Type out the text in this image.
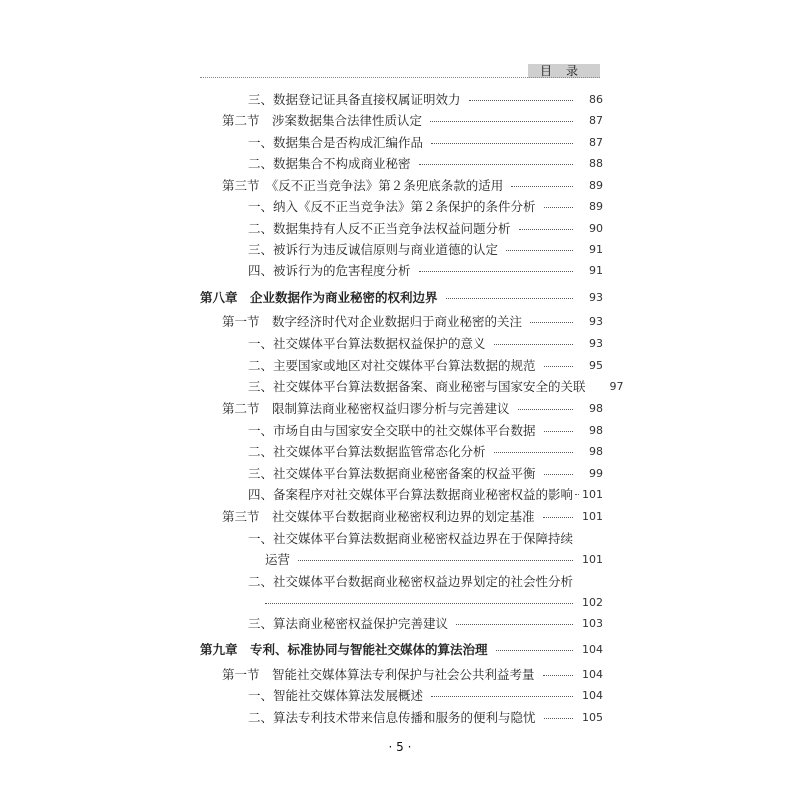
目录
三、数据登记证具备直接权属证明效力	86
第二节　涉案数据集合法律性质认定	87
一、数据集合是否构成汇编作品	87
二、数据集合不构成商业秘密	88
第三节　《反不正当竞争法》第２条兜底条款的适用	89
一、纳入《反不正当竞争法》第２条保护的条件分析	89
二、数据集持有人反不正当竞争法权益问题分析	90
三、被诉行为违反诚信原则与商业道德的认定	91
四、被诉行为的危害程度分析	91
第八章　企业数据作为商业秘密的权利边界	93
第一节　数字经济时代对企业数据归于商业秘密的关注	93
一、社交媒体平台算法数据权益保护的意义	93
二、主要国家或地区对社交媒体平台算法数据的规范	95
三、社交媒体平台算法数据备案、商业秘密与国家安全的关联	97
第二节　限制算法商业秘密权益归谬分析与完善建议	98
一、市场自由与国家安全交联中的社交媒体平台数据	98
二、社交媒体平台算法数据监管常态化分析	98
三、社交媒体平台算法数据商业秘密备案的权益平衡	99
四、备案程序对社交媒体平台算法数据商业秘密权益的影响 101
第三节　社交媒体平台数据商业秘密权利边界的划定基准	101
一、社交媒体平台算法数据商业秘密权益边界在于保障持续
运营	101
二、社交媒体平台数据商业秘密权益边界划定的社会性分析
102
三、算法商业秘密权益保护完善建议	103
第九章　专利、标准协同与智能社交媒体的算法治理	104
第一节　智能社交媒体算法专利保护与社会公共利益考量	104
一、智能社交媒体算法发展概述	104
二、算法专利技术带来信息传播和服务的便利与隐忧	105
· 5 ·
